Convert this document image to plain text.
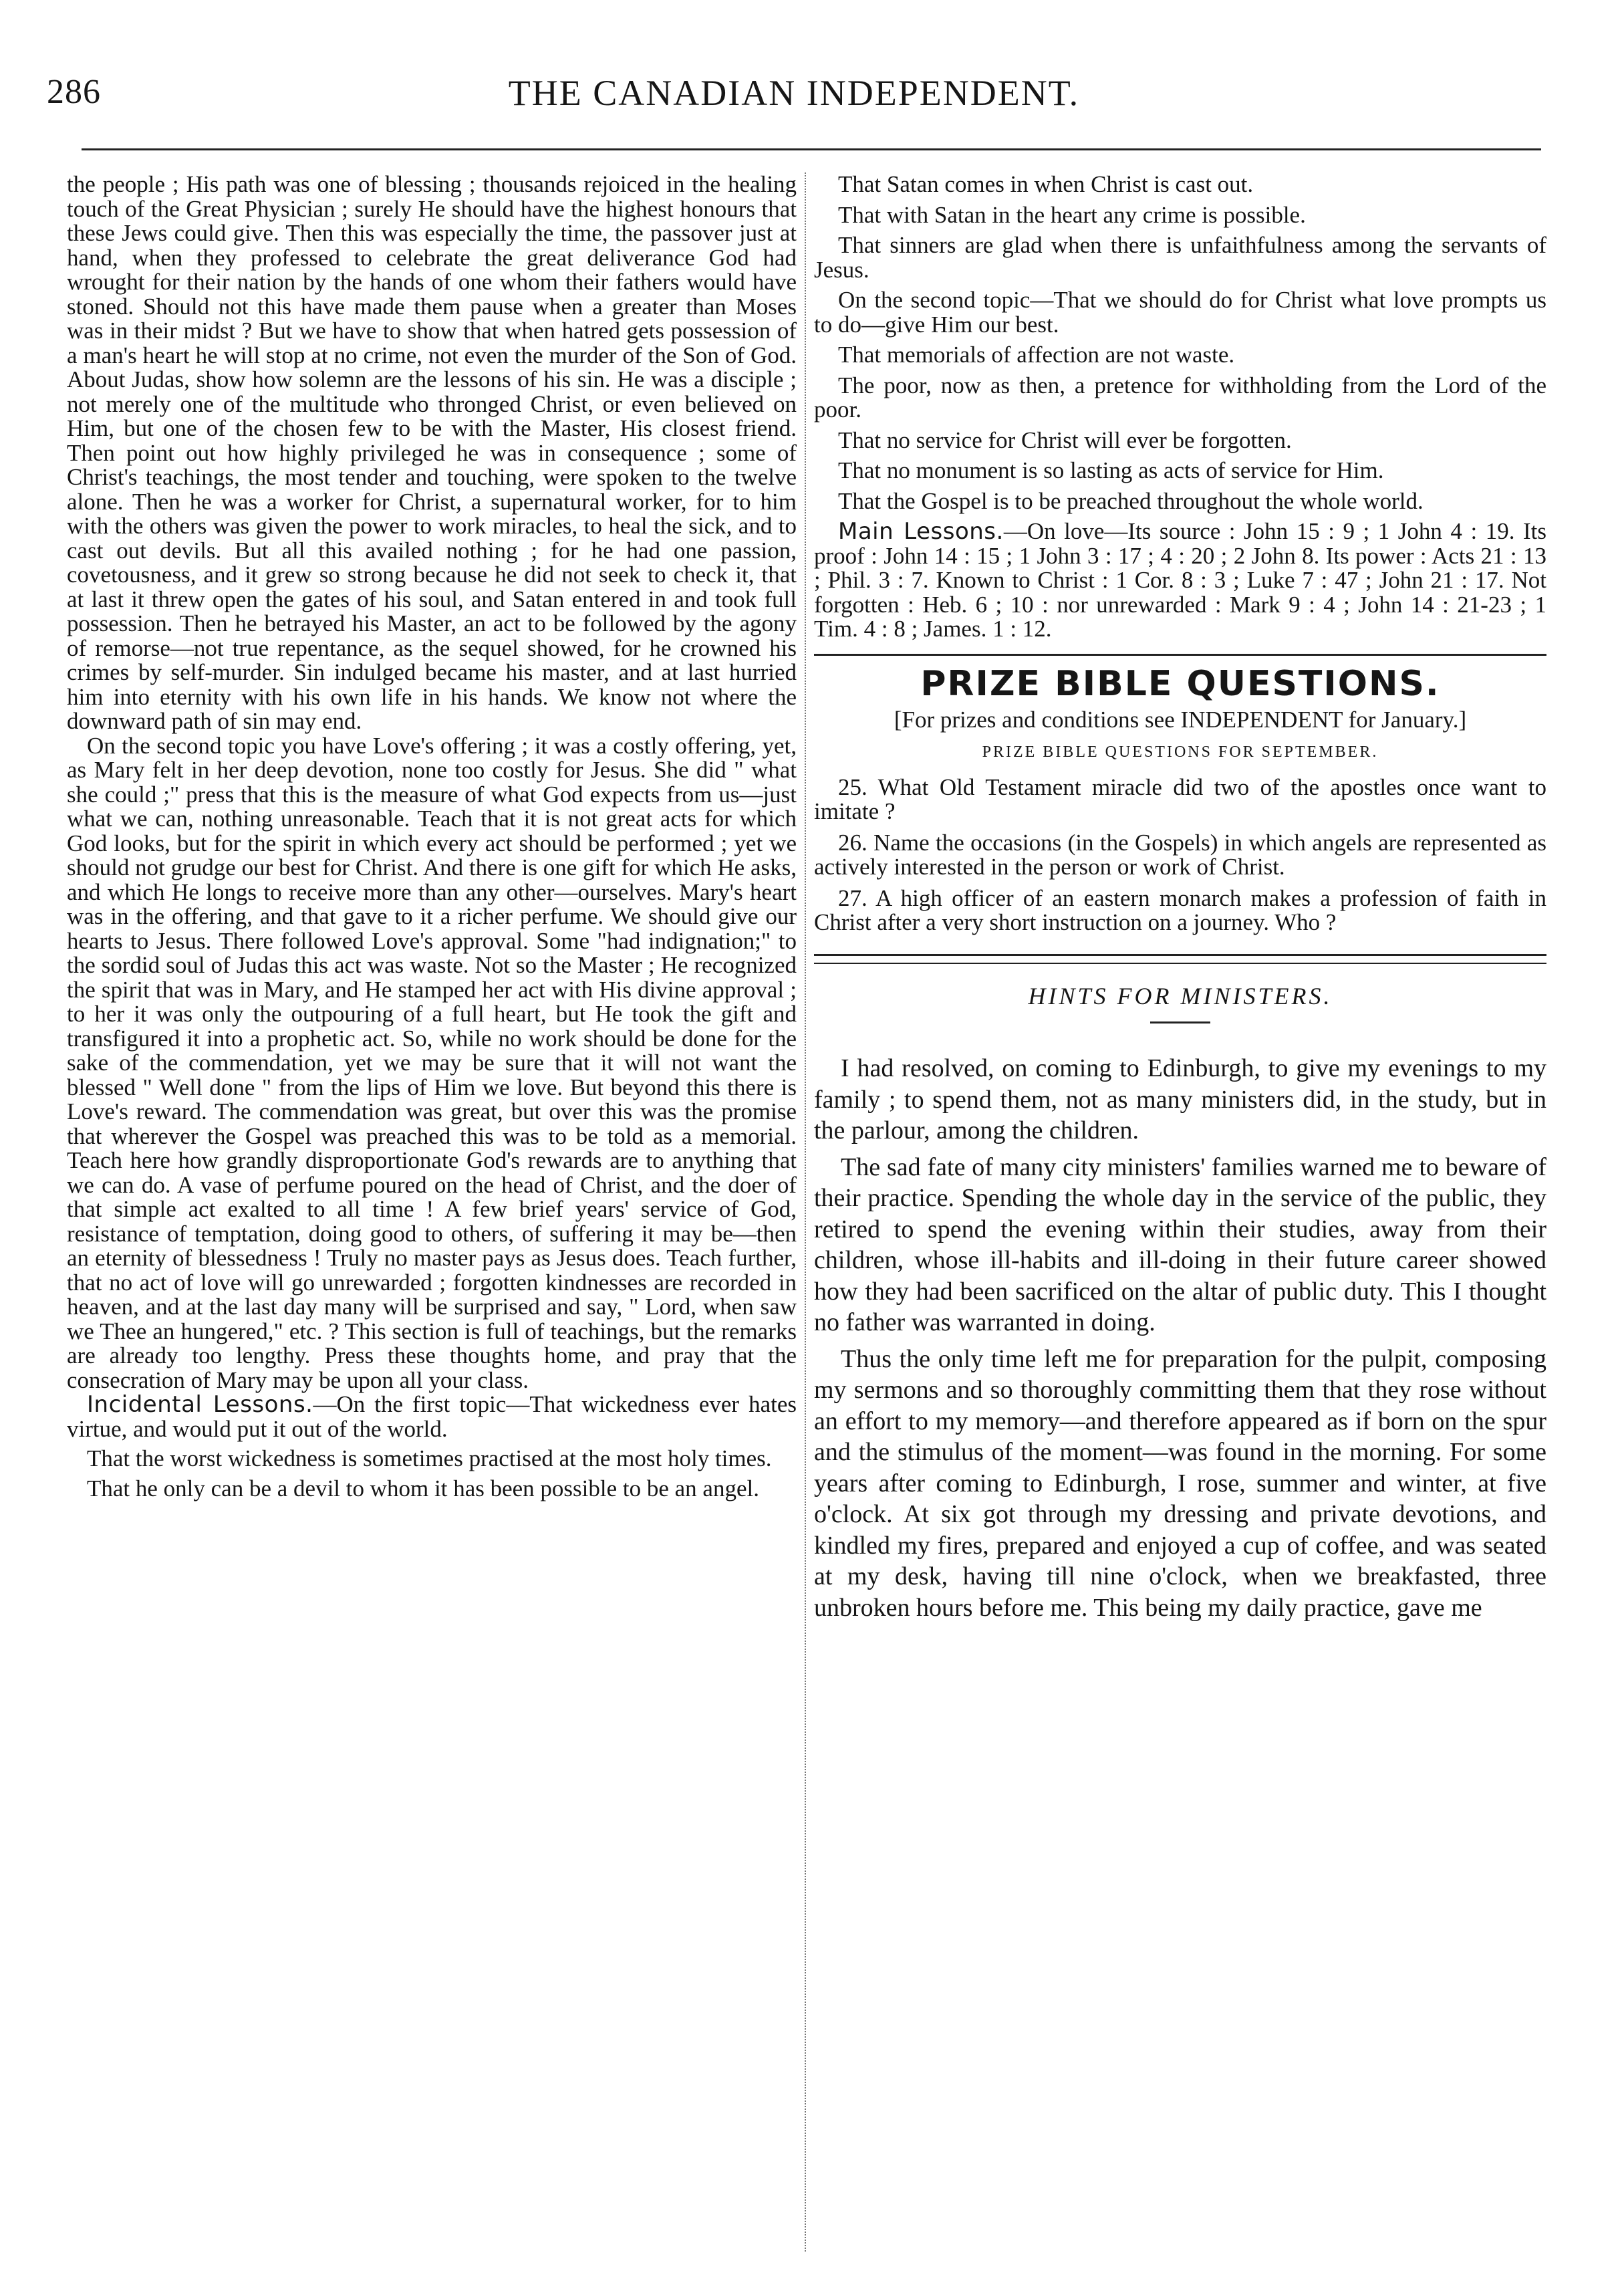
286	THE CANADIAN INDEPENDENT.

the people ; His path was one of blessing ; thousands rejoiced in the healing touch of the Great Physician ; surely He should have the highest honours that these Jews could give. Then this was especially the time, the passover just at hand, when they professed to celebrate the great deliverance God had wrought for their nation by the hands of one whom their fathers would have stoned. Should not this have made them pause when a greater than Moses was in their midst ? But we have to show that when hatred gets possession of a man's heart he will stop at no crime, not even the murder of the Son of God. About Judas, show how solemn are the lessons of his sin. He was a disciple ; not merely one of the multitude who thronged Christ, or even believed on Him, but one of the chosen few to be with the Master, His closest friend. Then point out how highly privileged he was in consequence ; some of Christ's teachings, the most tender and touching, were spoken to the twelve alone. Then he was a worker for Christ, a supernatural worker, for to him with the others was given the power to work miracles, to heal the sick, and to cast out devils. But all this availed nothing ; for he had one passion, covetousness, and it grew so strong because he did not seek to check it, that at last it threw open the gates of his soul, and Satan entered in and took full possession. Then he betrayed his Master, an act to be followed by the agony of remorse—not true repentance, as the sequel showed, for he crowned his crimes by self-murder. Sin indulged became his master, and at last hurried him into eternity with his own life in his hands. We know not where the downward path of sin may end.

On the second topic you have Love's offering ; it was a costly offering, yet, as Mary felt in her deep devotion, none too costly for Jesus. She did " what she could ;" press that this is the measure of what God expects from us—just what we can, nothing unreasonable. Teach that it is not great acts for which God looks, but for the spirit in which every act should be performed ; yet we should not grudge our best for Christ. And there is one gift for which He asks, and which He longs to receive more than any other—ourselves. Mary's heart was in the offering, and that gave to it a richer perfume. We should give our hearts to Jesus. There followed Love's approval. Some "had indignation;" to the sordid soul of Judas this act was waste. Not so the Master ; He recognized the spirit that was in Mary, and He stamped her act with His divine approval ; to her it was only the outpouring of a full heart, but He took the gift and transfigured it into a prophetic act. So, while no work should be done for the sake of the commendation, yet we may be sure that it will not want the blessed " Well done " from the lips of Him we love. But beyond this there is Love's reward. The commendation was great, but over this was the promise that wherever the Gospel was preached this was to be told as a memorial. Teach here how grandly disproportionate God's rewards are to anything that we can do. A vase of perfume poured on the head of Christ, and the doer of that simple act exalted to all time ! A few brief years' service of God, resistance of temptation, doing good to others, of suffering it may be—then an eternity of blessedness ! Truly no master pays as Jesus does. Teach further, that no act of love will go unrewarded ; forgotten kindnesses are recorded in heaven, and at the last day many will be surprised and say, " Lord, when saw we Thee an hungered," etc. ? This section is full of teachings, but the remarks are already too lengthy. Press these thoughts home, and pray that the consecration of Mary may be upon all your class.

Incidental Lessons.—On the first topic—That wickedness ever hates virtue, and would put it out of the world.

That the worst wickedness is sometimes practised at the most holy times.

That he only can be a devil to whom it has been possible to be an angel.

That Satan comes in when Christ is cast out.

That with Satan in the heart any crime is possible.

That sinners are glad when there is unfaithfulness among the servants of Jesus.

On the second topic—That we should do for Christ what love prompts us to do—give Him our best.

That memorials of affection are not waste.

The poor, now as then, a pretence for withholding from the Lord of the poor.

That no service for Christ will ever be forgotten.

That no monument is so lasting as acts of service for Him.

That the Gospel is to be preached throughout the whole world.

Main Lessons.—On love—Its source : John 15 : 9 ; 1 John 4 : 19. Its proof : John 14 : 15 ; 1 John 3 : 17 ; 4 : 20 ; 2 John 8. Its power : Acts 21 : 13 ; Phil. 3 : 7. Known to Christ : 1 Cor. 8 : 3 ; Luke 7 : 47 ; John 21 : 17. Not forgotten : Heb. 6 ; 10 : nor unrewarded : Mark 9 : 4 ; John 14 : 21-23 ; 1 Tim. 4 : 8 ; James. 1 : 12.

PRIZE BIBLE QUESTIONS.
[For prizes and conditions see INDEPENDENT for January.]
PRIZE BIBLE QUESTIONS FOR SEPTEMBER.

25. What Old Testament miracle did two of the apostles once want to imitate ?

26. Name the occasions (in the Gospels) in which angels are represented as actively interested in the person or work of Christ.

27. A high officer of an eastern monarch makes a profession of faith in Christ after a very short instruction on a journey. Who ?

HINTS FOR MINISTERS.

I had resolved, on coming to Edinburgh, to give my evenings to my family ; to spend them, not as many ministers did, in the study, but in the parlour, among the children.

The sad fate of many city ministers' families warned me to beware of their practice. Spending the whole day in the service of the public, they retired to spend the evening within their studies, away from their children, whose ill-habits and ill-doing in their future career showed how they had been sacrificed on the altar of public duty. This I thought no father was warranted in doing.

Thus the only time left me for preparation for the pulpit, composing my sermons and so thoroughly committing them that they rose without an effort to my memory—and therefore appeared as if born on the spur and the stimulus of the moment—was found in the morning. For some years after coming to Edinburgh, I rose, summer and winter, at five o'clock. At six got through my dressing and private devotions, and kindled my fires, prepared and enjoyed a cup of coffee, and was seated at my desk, having till nine o'clock, when we breakfasted, three unbroken hours before me. This being my daily practice, gave me
